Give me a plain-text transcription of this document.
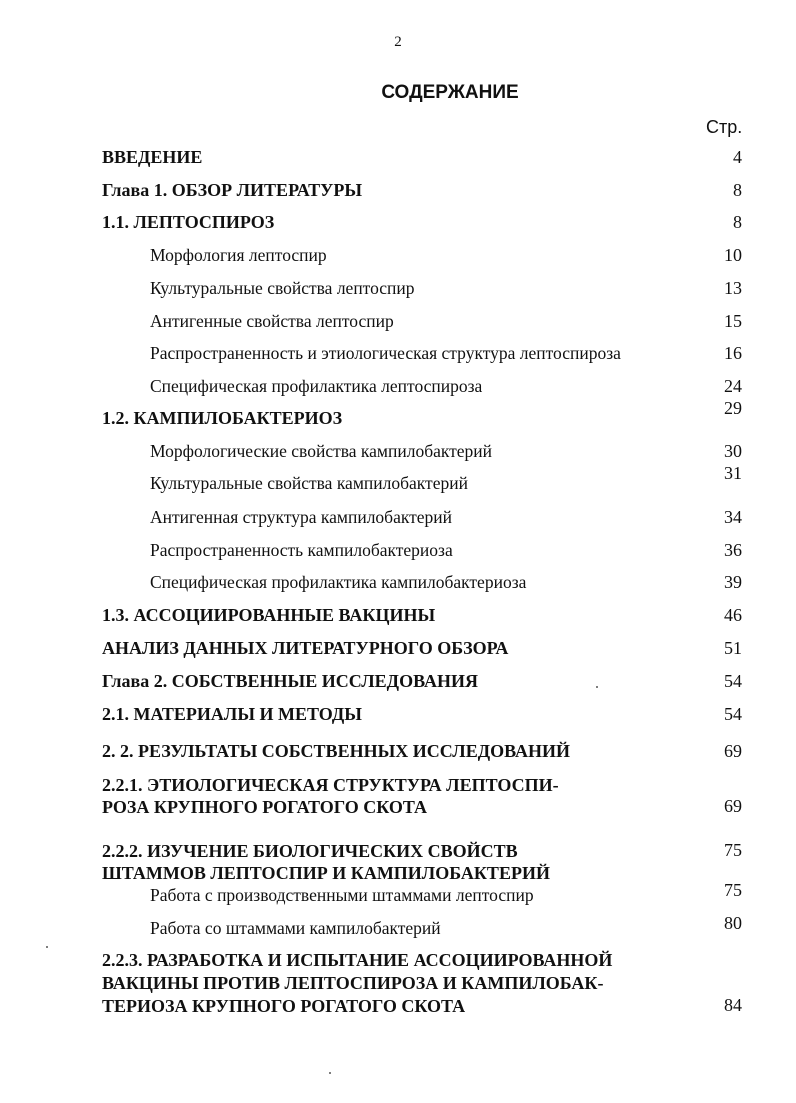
2
СОДЕРЖАНИЕ
Стр.
ВВЕДЕНИЕ	4
Глава 1. ОБЗОР ЛИТЕРАТУРЫ	8
1.1. ЛЕПТОСПИРОЗ	8
Морфология лептоспир	10
Культуральные свойства лептоспир	13
Антигенные свойства лептоспир	15
Распространенность и этиологическая структура лептоспироза	16
Специфическая профилактика лептоспироза	24
1.2. КАМПИЛОБАКТЕРИОЗ	29
Морфологические свойства кампилобактерий	30
Культуральные свойства кампилобактерий	31
Антигенная структура кампилобактерий	34
Распространенность кампилобактериоза	36
Специфическая профилактика кампилобактериоза	39
1.3. АССОЦИИРОВАННЫЕ ВАКЦИНЫ	46
АНАЛИЗ ДАННЫХ ЛИТЕРАТУРНОГО ОБЗОРА	51
Глава 2. СОБСТВЕННЫЕ ИССЛЕДОВАНИЯ	54
2.1. МАТЕРИАЛЫ И МЕТОДЫ	54
2. 2. РЕЗУЛЬТАТЫ СОБСТВЕННЫХ ИССЛЕДОВАНИЙ	69
2.2.1. ЭТИОЛОГИЧЕСКАЯ СТРУКТУРА ЛЕПТОСПИ-
РОЗА КРУПНОГО РОГАТОГО СКОТА	69
2.2.2. ИЗУЧЕНИЕ БИОЛОГИЧЕСКИХ СВОЙСТВ
ШТАММОВ ЛЕПТОСПИР И КАМПИЛОБАКТЕРИЙ
75
Работа с производственными штаммами лептоспир	75
Работа со штаммами кампилобактерий	80
2.2.3. РАЗРАБОТКА И ИСПЫТАНИЕ АССОЦИИРОВАННОЙ
ВАКЦИНЫ ПРОТИВ ЛЕПТОСПИРОЗА И КАМПИЛОБАК-
ТЕРИОЗА КРУПНОГО РОГАТОГО СКОТА	84
